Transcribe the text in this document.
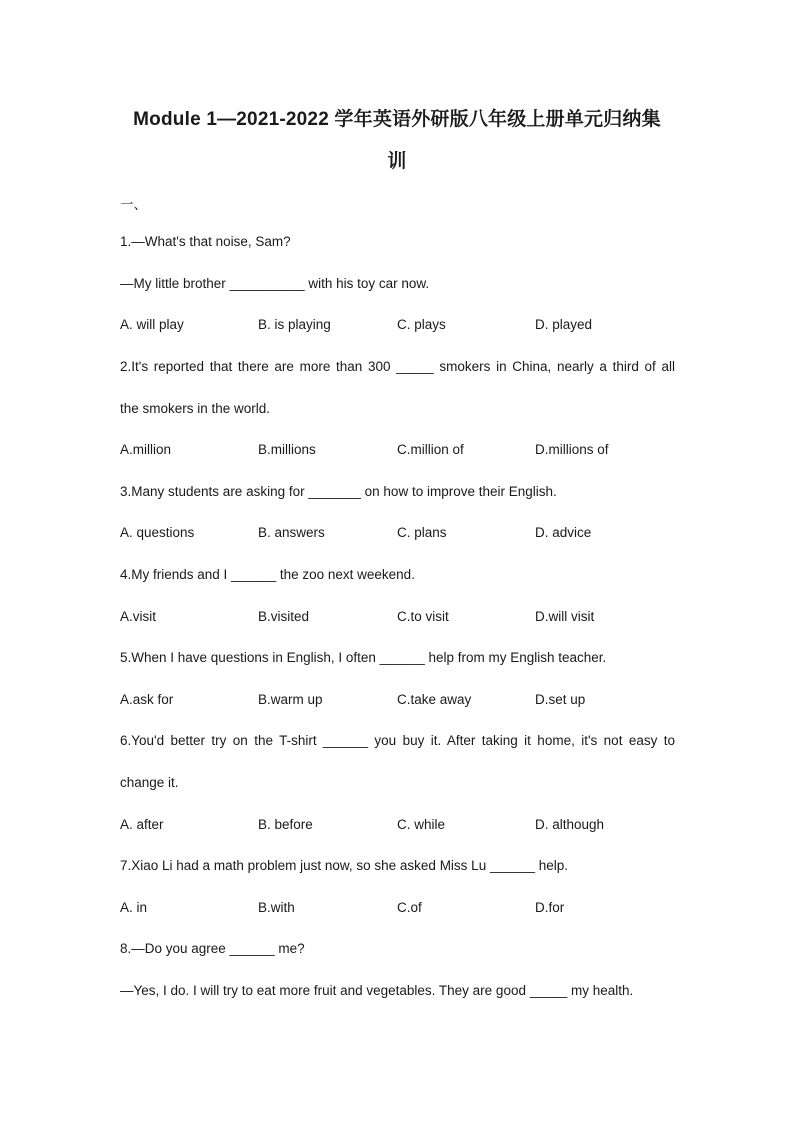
Module 1—2021-2022 学年英语外研版八年级上册单元归纳集
训
一、
1.—What's that noise, Sam?
—My little brother __________ with his toy car now.
A. will play	B. is playing	C. plays	D. played
2.It's reported that there are more than 300 _____ smokers in China, nearly a third of all
the smokers in the world.
A.million	B.millions	C.million of	D.millions of
3.Many students are asking for _______ on how to improve their English.
A. questions	B. answers	C. plans	D. advice
4.My friends and I ______ the zoo next weekend.
A.visit	B.visited	C.to visit	D.will visit
5.When I have questions in English, I often ______ help from my English teacher.
A.ask for	B.warm up	C.take away	D.set up
6.You'd better try on the T-shirt ______ you buy it. After taking it home, it's not easy to
change it.
A. after	B. before	C. while	D. although
7.Xiao Li had a math problem just now, so she asked Miss Lu ______ help.
A. in	B.with	C.of	D.for
8.—Do you agree ______ me?
—Yes, I do. I will try to eat more fruit and vegetables. They are good _____ my health.
